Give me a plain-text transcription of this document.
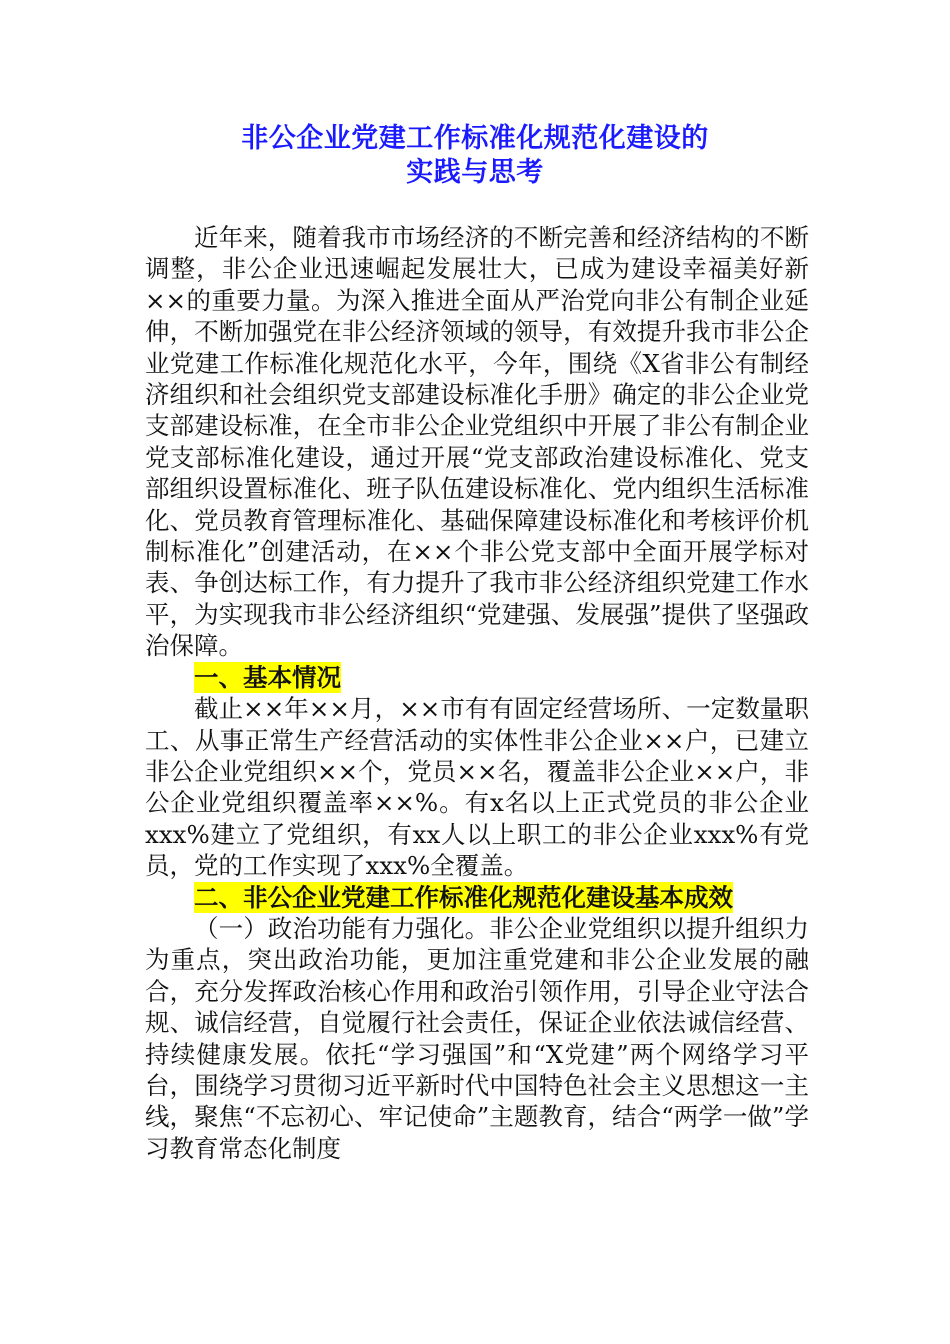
非公企业党建工作标准化规范化建设的
实践与思考

近年来，随着我市市场经济的不断完善和经济结构的不断调整，非公企业迅速崛起发展壮大，已成为建设幸福美好新××的重要力量。为深入推进全面从严治党向非公有制企业延伸，不断加强党在非公经济领域的领导，有效提升我市非公企业党建工作标准化规范化水平，今年，围绕《X省非公有制经济组织和社会组织党支部建设标准化手册》确定的非公企业党支部建设标准，在全市非公企业党组织中开展了非公有制企业党支部标准化建设，通过开展“党支部政治建设标准化、党支部组织设置标准化、班子队伍建设标准化、党内组织生活标准化、党员教育管理标准化、基础保障建设标准化和考核评价机制标准化”创建活动，在××个非公党支部中全面开展学标对表、争创达标工作，有力提升了我市非公经济组织党建工作水平，为实现我市非公经济组织“党建强、发展强”提供了坚强政治保障。

一、基本情况

截止××年××月，××市有有固定经营场所、一定数量职工、从事正常生产经营活动的实体性非公企业××户，已建立非公企业党组织××个，党员××名，覆盖非公企业××户，非公企业党组织覆盖率××%。有x名以上正式党员的非公企业xxx%建立了党组织，有xx人以上职工的非公企业xxx%有党员，党的工作实现了xxx%全覆盖。

二、非公企业党建工作标准化规范化建设基本成效

（一）政治功能有力强化。非公企业党组织以提升组织力为重点，突出政治功能，更加注重党建和非公企业发展的融合，充分发挥政治核心作用和政治引领作用，引导企业守法合规、诚信经营，自觉履行社会责任，保证企业依法诚信经营、持续健康发展。依托“学习强国”和“X党建”两个网络学习平台，围绕学习贯彻习近平新时代中国特色社会主义思想这一主线，聚焦“不忘初心、牢记使命”主题教育，结合“两学一做”学习教育常态化制度
